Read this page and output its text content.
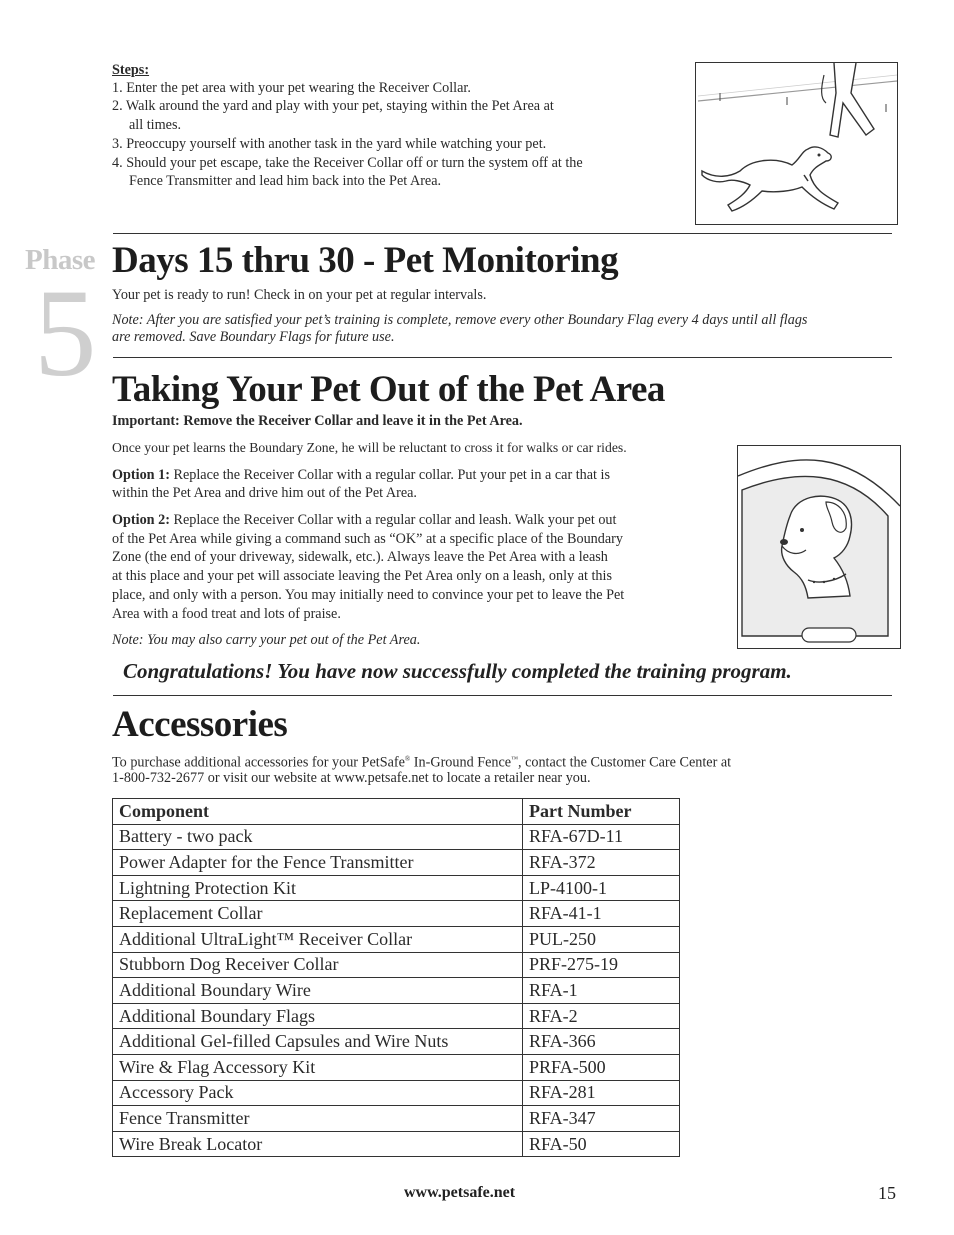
Steps:
1. Enter the pet area with your pet wearing the Receiver Collar.
2. Walk around the yard and play with your pet, staying within the Pet Area at
all times.
3. Preoccupy yourself with another task in the yard while watching your pet.
4. Should your pet escape, take the Receiver Collar off or turn the system off at the
Fence Transmitter and lead him back into the Pet Area.
Phase
5
Days 15 thru 30 - Pet Monitoring
Your pet is ready to run! Check in on your pet at regular intervals.
Note: After you are satisfied your pet’s training is complete, remove every other Boundary Flag every 4 days until all flags
are removed. Save Boundary Flags for future use.
Taking Your Pet Out of the Pet Area
Important: Remove the Receiver Collar and leave it in the Pet Area.
Once your pet learns the Boundary Zone, he will be reluctant to cross it for walks or car rides.
Option 1: Replace the Receiver Collar with a regular collar. Put your pet in a car that is
within the Pet Area and drive him out of the Pet Area.
Option 2: Replace the Receiver Collar with a regular collar and leash. Walk your pet out
of the Pet Area while giving a command such as “OK” at a specific place of the Boundary
Zone (the end of your driveway, sidewalk, etc.). Always leave the Pet Area with a leash
at this place and your pet will associate leaving the Pet Area only on a leash, only at this
place, and only with a person. You may initially need to convince your pet to leave the Pet
Area with a food treat and lots of praise.
Note: You may also carry your pet out of the Pet Area.
Congratulations! You have now successfully completed the training program.
Accessories
To purchase additional accessories for your PetSafe® In-Ground Fence™, contact the Customer Care Center at
1-800-732-2677 or visit our website at www.petsafe.net to locate a retailer near you.
Component	Part Number
Battery - two pack	RFA-67D-11
Power Adapter for the Fence Transmitter	RFA-372
Lightning Protection Kit	LP-4100-1
Replacement Collar	RFA-41-1
Additional UltraLight™ Receiver Collar	PUL-250
Stubborn Dog Receiver Collar	PRF-275-19
Additional Boundary Wire	RFA-1
Additional Boundary Flags	RFA-2
Additional Gel-filled Capsules and Wire Nuts	RFA-366
Wire & Flag Accessory Kit	PRFA-500
Accessory Pack	RFA-281
Fence Transmitter	RFA-347
Wire Break Locator	RFA-50
www.petsafe.net	15
